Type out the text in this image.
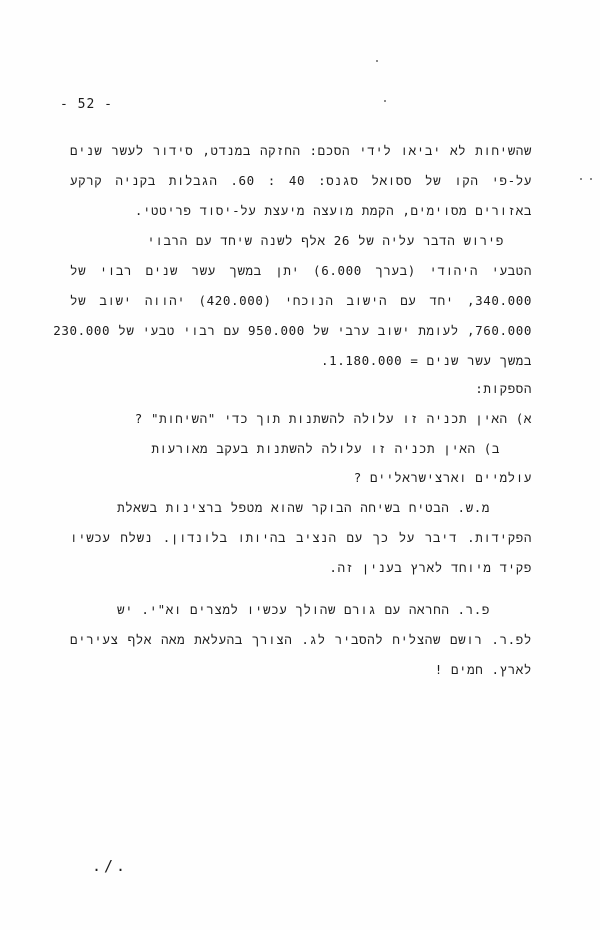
- 52 -
שהשיחות לא יביאו לידי הסכם: החזקה במנדט, סידור לעשר שנים
על-פי הקו של ססואל סגנס: 40 : 60. הגבלות בקניה קרקע
באזורים מסוימים, הקמת מועצה מיעצת על-יסוד פריטטי.
פירוש הדבר עליה של 26 אלף לשנה שיחד עם הרבוי
הטבעי היהודי (בערך 6.000) יתן במשך עשר שנים רבוי של
340.000, יחד עם הישוב הנוכחי (420.000) יהווה ישוב של
760.000, לעומת ישוב ערבי של 950.000 עם רבוי טבעי של 230.000
במשך עשר שנים = 1.180.000.
הספקות:
א) האין תכניה זו עלולה להשתנות תוך כדי "השיחות" ?
ב) האין תכניה זו עלולה להשתנות בעקב מאורעות
עולמיים וארצישראליים ?
מ.ש. הבטיח בשיחה הבוקר שהוא מטפל ברצינות בשאלת
הפקידות. דיבר על כך עם הנציב בהיותו בלונדון. נשלח עכשיו
פקיד מיוחד לארץ בענין זה.
פ.ר. החראה עם גורם שהולך עכשיו למצרים וא"י. יש
לפ.ר. רושם שהצליח להסביר לג. הצורך בהעלאת מאה אלף צעירים
לארץ. חמים !
./.
